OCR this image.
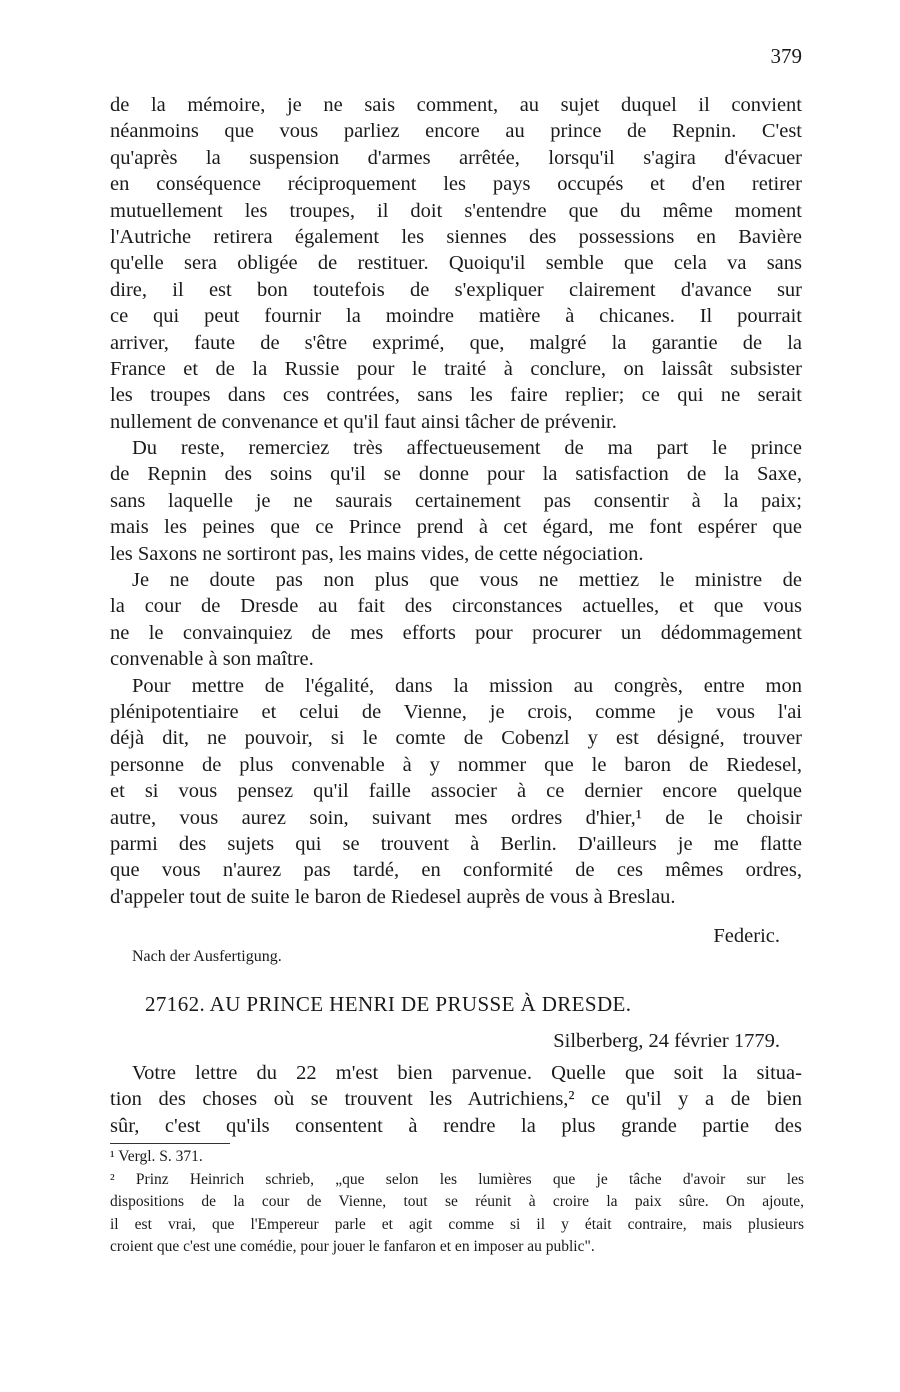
379
de la mémoire, je ne sais comment, au sujet duquel il convient
néanmoins que vous parliez encore au prince de Repnin. C'est
qu'après la suspension d'armes arrêtée, lorsqu'il s'agira d'évacuer
en conséquence réciproquement les pays occupés et d'en retirer
mutuellement les troupes, il doit s'entendre que du même moment
l'Autriche retirera également les siennes des possessions en Bavière
qu'elle sera obligée de restituer. Quoiqu'il semble que cela va sans
dire, il est bon toutefois de s'expliquer clairement d'avance sur
ce qui peut fournir la moindre matière à chicanes. Il pourrait
arriver, faute de s'être exprimé, que, malgré la garantie de la
France et de la Russie pour le traité à conclure, on laissât subsister
les troupes dans ces contrées, sans les faire replier; ce qui ne serait
nullement de convenance et qu'il faut ainsi tâcher de prévenir.
Du reste, remerciez très affectueusement de ma part le prince
de Repnin des soins qu'il se donne pour la satisfaction de la Saxe,
sans laquelle je ne saurais certainement pas consentir à la paix;
mais les peines que ce Prince prend à cet égard, me font espérer que
les Saxons ne sortiront pas, les mains vides, de cette négociation.
Je ne doute pas non plus que vous ne mettiez le ministre de
la cour de Dresde au fait des circonstances actuelles, et que vous
ne le convainquiez de mes efforts pour procurer un dédommagement
convenable à son maître.
Pour mettre de l'égalité, dans la mission au congrès, entre mon
plénipotentiaire et celui de Vienne, je crois, comme je vous l'ai
déjà dit, ne pouvoir, si le comte de Cobenzl y est désigné, trouver
personne de plus convenable à y nommer que le baron de Riedesel,
et si vous pensez qu'il faille associer à ce dernier encore quelque
autre, vous aurez soin, suivant mes ordres d'hier,¹ de le choisir
parmi des sujets qui se trouvent à Berlin. D'ailleurs je me flatte
que vous n'aurez pas tardé, en conformité de ces mêmes ordres,
d'appeler tout de suite le baron de Riedesel auprès de vous à Breslau.
Federic.
Nach der Ausfertigung.
27162. AU PRINCE HENRI DE PRUSSE À DRESDE.
Silberberg, 24 février 1779.
Votre lettre du 22 m'est bien parvenue. Quelle que soit la situa-
tion des choses où se trouvent les Autrichiens,² ce qu'il y a de bien
sûr, c'est qu'ils consentent à rendre la plus grande partie des
¹ Vergl. S. 371.
² Prinz Heinrich schrieb, „que selon les lumières que je tâche d'avoir sur les
dispositions de la cour de Vienne, tout se réunit à croire la paix sûre. On ajoute,
il est vrai, que l'Empereur parle et agit comme si il y était contraire, mais plusieurs
croient que c'est une comédie, pour jouer le fanfaron et en imposer au public".
